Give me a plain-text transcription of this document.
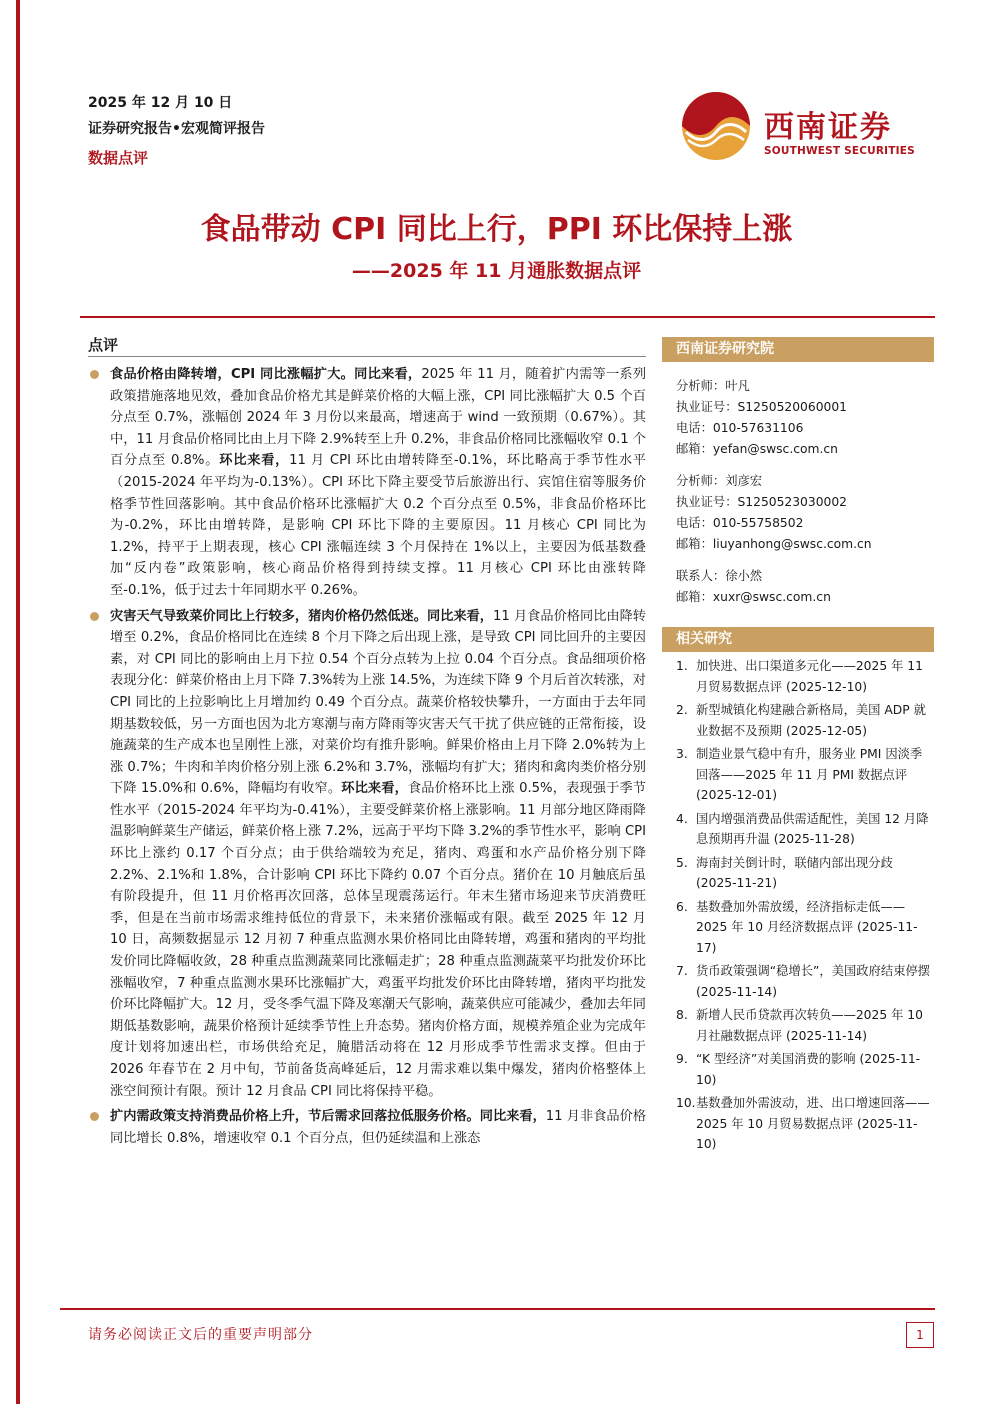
2025 年 12 月 10 日
证券研究报告•宏观简评报告
数据点评
西南证券
SOUTHWEST SECURITIES
食品带动 CPI 同比上行，PPI 环比保持上涨
——2025 年 11 月通胀数据点评
点评
食品价格由降转增，CPI 同比涨幅扩大。同比来看，2025 年 11 月，随着扩内需等一系列政策措施落地见效，叠加食品价格尤其是鲜菜价格的大幅上涨，CPI 同比涨幅扩大 0.5 个百分点至 0.7%，涨幅创 2024 年 3 月份以来最高，增速高于 wind 一致预期（0.67%）。其中，11 月食品价格同比由上月下降 2.9%转至上升 0.2%，非食品价格同比涨幅收窄 0.1 个百分点至 0.8%。环比来看，11 月 CPI 环比由增转降至-0.1%，环比略高于季节性水平（2015-2024 年平均为-0.13%）。CPI 环比下降主要受节后旅游出行、宾馆住宿等服务价格季节性回落影响。其中食品价格环比涨幅扩大 0.2 个百分点至 0.5%，非食品价格环比为-0.2%，环比由增转降，是影响 CPI 环比下降的主要原因。11 月核心 CPI 同比为 1.2%，持平于上期表现，核心 CPI 涨幅连续 3 个月保持在 1%以上，主要因为低基数叠加“反内卷”政策影响，核心商品价格得到持续支撑。11 月核心 CPI 环比由涨转降至-0.1%，低于过去十年同期水平 0.26%。
灾害天气导致菜价同比上行较多，猪肉价格仍然低迷。同比来看，11 月食品价格同比由降转增至 0.2%，食品价格同比在连续 8 个月下降之后出现上涨，是导致 CPI 同比回升的主要因素，对 CPI 同比的影响由上月下拉 0.54 个百分点转为上拉 0.04 个百分点。食品细项价格表现分化：鲜菜价格由上月下降 7.3%转为上涨 14.5%，为连续下降 9 个月后首次转涨，对 CPI 同比的上拉影响比上月增加约 0.49 个百分点。蔬菜价格较快攀升，一方面由于去年同期基数较低，另一方面也因为北方寒潮与南方降雨等灾害天气干扰了供应链的正常衔接，设施蔬菜的生产成本也呈刚性上涨，对菜价均有推升影响。鲜果价格由上月下降 2.0%转为上涨 0.7%；牛肉和羊肉价格分别上涨 6.2%和 3.7%，涨幅均有扩大；猪肉和禽肉类价格分别下降 15.0%和 0.6%，降幅均有收窄。环比来看，食品价格环比上涨 0.5%，表现强于季节性水平（2015-2024 年平均为-0.41%），主要受鲜菜价格上涨影响。11 月部分地区降雨降温影响鲜菜生产储运，鲜菜价格上涨 7.2%，远高于平均下降 3.2%的季节性水平，影响 CPI 环比上涨约 0.17 个百分点；由于供给端较为充足，猪肉、鸡蛋和水产品价格分别下降 2.2%、2.1%和 1.8%，合计影响 CPI 环比下降约 0.07 个百分点。猪价在 10 月触底后虽有阶段提升，但 11 月价格再次回落，总体呈现震荡运行。年末生猪市场迎来节庆消费旺季，但是在当前市场需求维持低位的背景下，未来猪价涨幅或有限。截至 2025 年 12 月 10 日，高频数据显示 12 月初 7 种重点监测水果价格同比由降转增，鸡蛋和猪肉的平均批发价同比降幅收敛，28 种重点监测蔬菜同比涨幅走扩；28 种重点监测蔬菜平均批发价环比涨幅收窄，7 种重点监测水果环比涨幅扩大，鸡蛋平均批发价环比由降转增，猪肉平均批发价环比降幅扩大。12 月，受冬季气温下降及寒潮天气影响，蔬菜供应可能减少，叠加去年同期低基数影响，蔬果价格预计延续季节性上升态势。猪肉价格方面，规模养殖企业为完成年度计划将加速出栏，市场供给充足，腌腊活动将在 12 月形成季节性需求支撑。但由于 2026 年春节在 2 月中旬，节前备货高峰延后，12 月需求难以集中爆发，猪肉价格整体上涨空间预计有限。预计 12 月食品 CPI 同比将保持平稳。
扩内需政策支持消费品价格上升，节后需求回落拉低服务价格。同比来看，11 月非食品价格同比增长 0.8%，增速收窄 0.1 个百分点，但仍延续温和上涨态
西南证券研究院
分析师：叶凡
执业证号：S1250520060001
电话：010-57631106
邮箱：yefan@swsc.com.cn
分析师：刘彦宏
执业证号：S1250523030002
电话：010-55758502
邮箱：liuyanhong@swsc.com.cn
联系人：徐小然
邮箱：xuxr@swsc.com.cn
相关研究
1. 加快进、出口渠道多元化——2025 年 11 月贸易数据点评 (2025-12-10)
2. 新型城镇化构建融合新格局，美国 ADP 就业数据不及预期 (2025-12-05)
3. 制造业景气稳中有升，服务业 PMI 因淡季回落——2025 年 11 月 PMI 数据点评 (2025-12-01)
4. 国内增强消费品供需适配性，美国 12 月降息预期再升温 (2025-11-28)
5. 海南封关倒计时，联储内部出现分歧 (2025-11-21)
6. 基数叠加外需放缓，经济指标走低——2025 年 10 月经济数据点评 (2025-11-17)
7. 货币政策强调“稳增长”，美国政府结束停摆 (2025-11-14)
8. 新增人民币贷款再次转负——2025 年 10 月社融数据点评 (2025-11-14)
9. “K 型经济”对美国消费的影响 (2025-11-10)
10. 基数叠加外需波动，进、出口增速回落——2025 年 10 月贸易数据点评 (2025-11-10)
请务必阅读正文后的重要声明部分	1
